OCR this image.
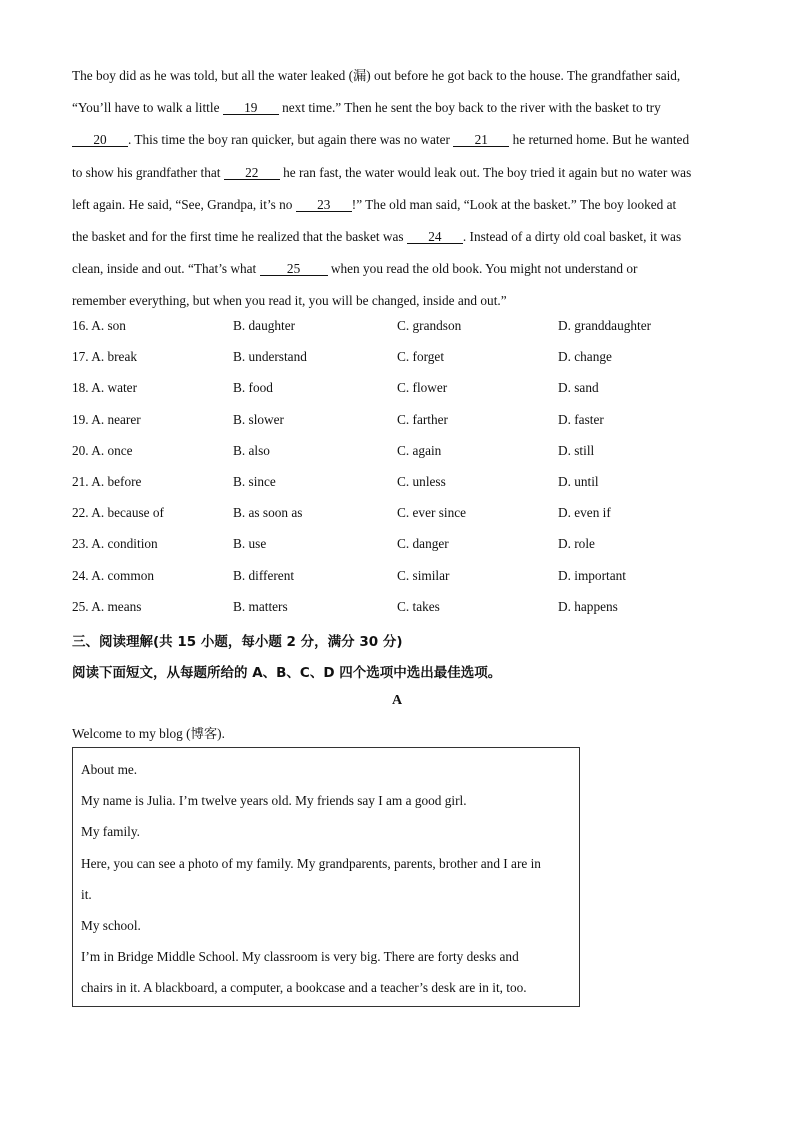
The boy did as he was told, but all the water leaked (漏) out before he got back to the house. The grandfather said,
“You’ll have to walk a little 19 next time.” Then he sent the boy back to the river with the basket to try
20 . This time the boy ran quicker, but again there was no water 21 he returned home. But he wanted
to show his grandfather that 22 he ran fast, the water would leak out. The boy tried it again but no water was
left again. He said, “See, Grandpa, it’s no 23 !” The old man said, “Look at the basket.” The boy looked at
the basket and for the first time he realized that the basket was 24 . Instead of a dirty old coal basket, it was
clean, inside and out. “That’s what 25 when you read the old book. You might not understand or
remember everything, but when you read it, you will be changed, inside and out.”
16. A. son	B. daughter	C. grandson	D. granddaughter
17. A. break	B. understand	C. forget	D. change
18. A. water	B. food	C. flower	D. sand
19. A. nearer	B. slower	C. farther	D. faster
20. A. once	B. also	C. again	D. still
21. A. before	B. since	C. unless	D. until
22. A. because of	B. as soon as	C. ever since	D. even if
23. A. condition	B. use	C. danger	D. role
24. A. common	B. different	C. similar	D. important
25. A. means	B. matters	C. takes	D. happens
三、阅读理解(共 15 小题，每小题 2 分，满分 30 分)
阅读下面短文，从每题所给的 A、B、C、D 四个选项中选出最佳选项。
A
Welcome to my blog (博客).
About me.
My name is Julia. I’m twelve years old. My friends say I am a good girl.
My family.
Here, you can see a photo of my family. My grandparents, parents, brother and I are in
it.
My school.
I’m in Bridge Middle School. My classroom is very big. There are forty desks and
chairs in it. A blackboard, a computer, a bookcase and a teacher’s desk are in it, too.
